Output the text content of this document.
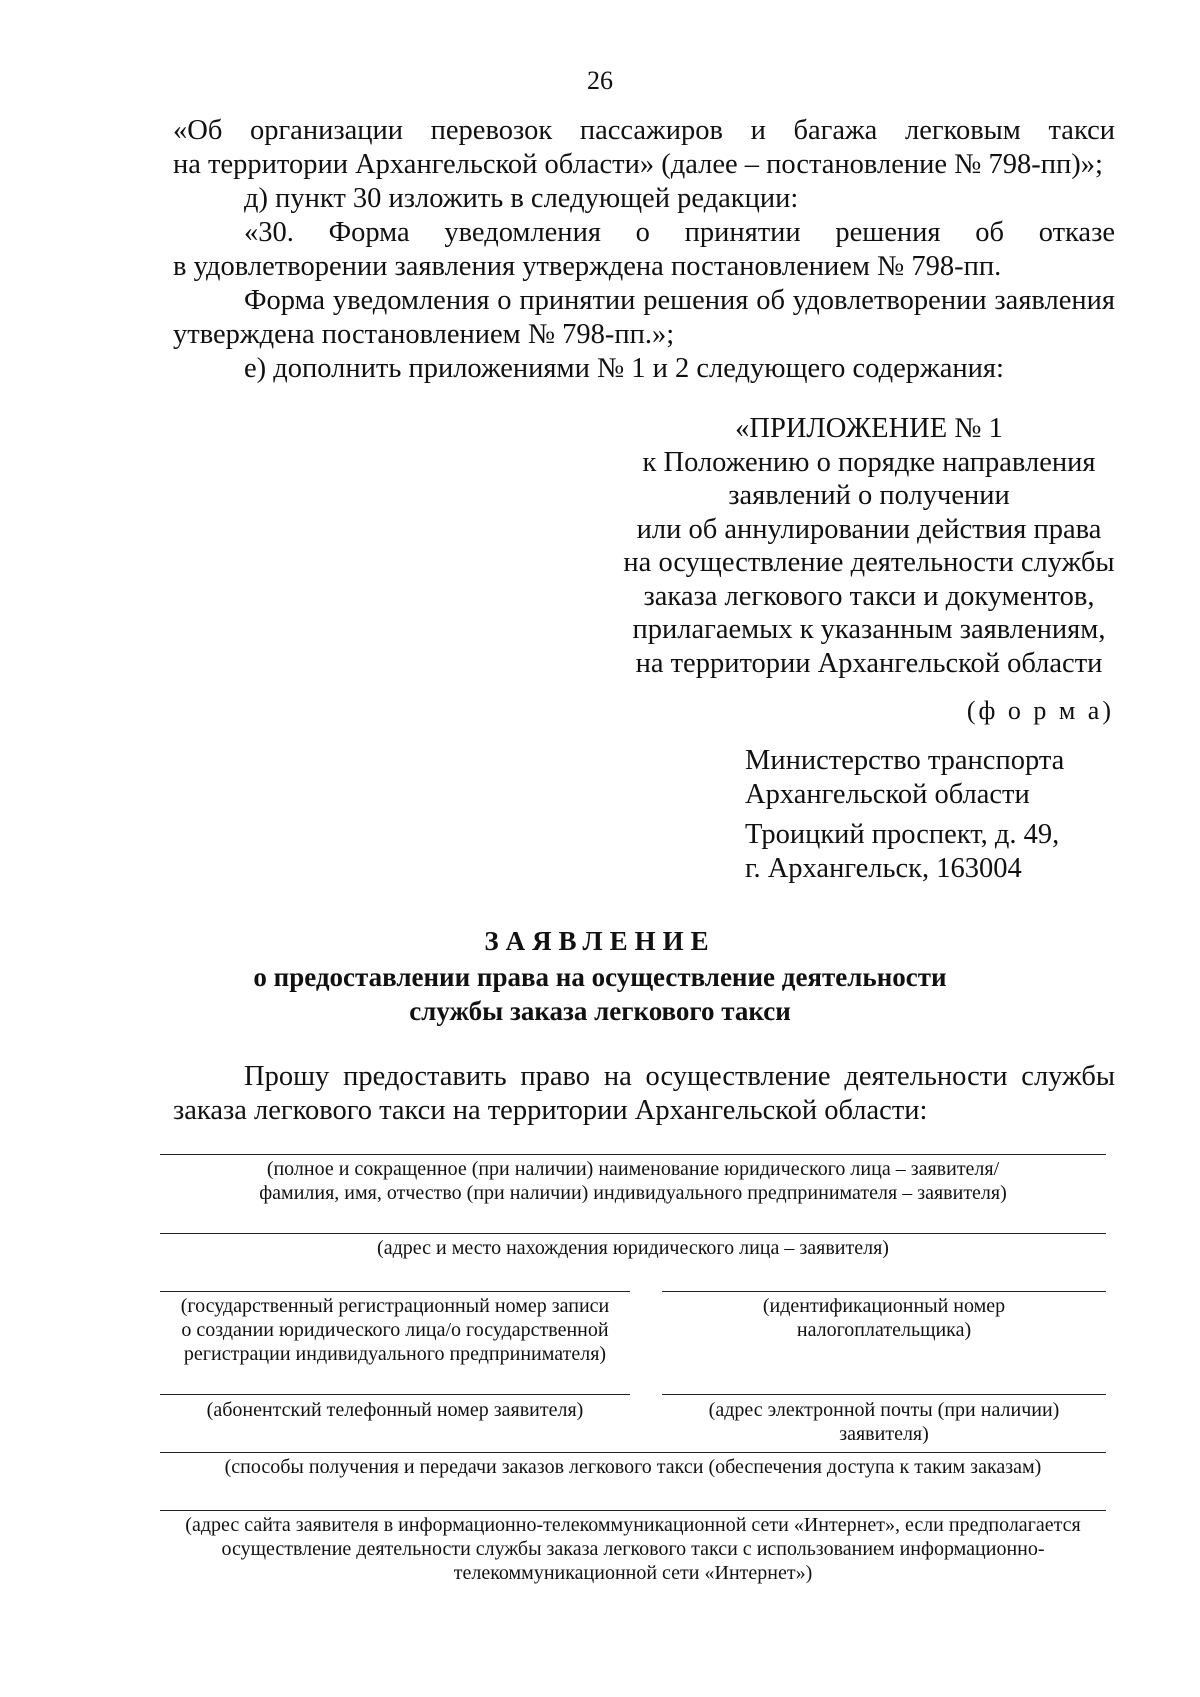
26
«Об организации перевозок пассажиров и багажа легковым такси
на территории Архангельской области» (далее – постановление № 798-пп)»;
д) пункт 30 изложить в следующей редакции:
«30. Форма уведомления о принятии решения об отказе
в удовлетворении заявления утверждена постановлением № 798-пп.
Форма уведомления о принятии решения об удовлетворении заявления
утверждена постановлением № 798-пп.»;
е) дополнить приложениями № 1 и 2 следующего содержания:
«ПРИЛОЖЕНИЕ № 1
к Положению о порядке направления
заявлений о получении
или об аннулировании действия права
на осуществление деятельности службы
заказа легкового такси и документов,
прилагаемых к указанным заявлениям,
на территории Архангельской области
(ф о р м а)
Министерство транспорта
Архангельской области
Троицкий проспект, д. 49,
г. Архангельск, 163004
ЗАЯВЛЕНИЕ
о предоставлении права на осуществление деятельности
службы заказа легкового такси
Прошу предоставить право на осуществление деятельности службы
заказа легкового такси на территории Архангельской области:
(полное и сокращенное (при наличии) наименование юридического лица – заявителя/
фамилия, имя, отчество (при наличии) индивидуального предпринимателя – заявителя)
(адрес и место нахождения юридического лица – заявителя)
(государственный регистрационный номер записи
о создании юридического лица/о государственной
регистрации индивидуального предпринимателя)
(идентификационный номер
налогоплательщика)
(абонентский телефонный номер заявителя)	(адрес электронной почты (при наличии) заявителя)
(способы получения и передачи заказов легкового такси (обеспечения доступа к таким заказам)
(адрес сайта заявителя в информационно-телекоммуникационной сети «Интернет», если предполагается
осуществление деятельности службы заказа легкового такси с использованием информационно-
телекоммуникационной сети «Интернет»)
